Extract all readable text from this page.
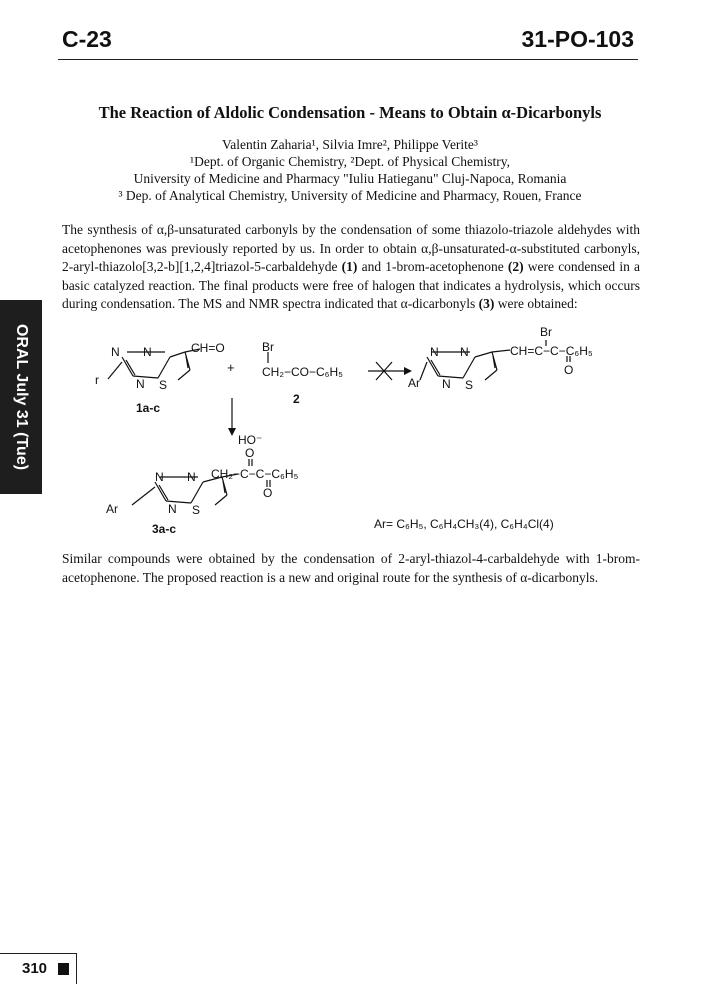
C-23	31-PO-103
The Reaction of Aldolic Condensation - Means to Obtain α-Dicarbonyls
Valentin Zaharia¹, Silvia Imre², Philippe Verite³
¹Dept. of Organic Chemistry, ²Dept. of Physical Chemistry,
University of Medicine and Pharmacy "Iuliu Hatieganu" Cluj-Napoca, Romania
³ Dep. of Analytical Chemistry, University of Medicine and Pharmacy, Rouen, France
The synthesis of α,β-unsaturated carbonyls by the condensation of some thiazolo-triazole aldehydes with acetophenones was previously reported by us. In order to obtain α,β-unsaturated-α-substituted carbonyls, 2-aryl-thiazolo[3,2-b][1,2,4]triazol-5-carbaldehyde (1) and 1-brom-acetophenone (2) were condensed in a basic catalyzed reaction. The final products were free of halogen that indicates a hydrolysis, which occurs during condensation. The MS and NMR spectra indicated that α-dicarbonyls (3) were obtained:
N N
N S
CH=O
r
1a-c
+
Br
CH₂−CO−C₆H₅
2
N N
N S
Ar
CH=C−C−C₆H₅
Br
O
HO⁻
N N
N S
Ar
CH₂−C−C−C₆H₅
O
O
3a-c	Ar= C₆H₅, C₆H₄CH₃(4), C₆H₄Cl(4)
Similar compounds were obtained by the condensation of 2-aryl-thiazol-4-carbaldehyde with 1-brom-acetophenone. The proposed reaction is a new and original route for the synthesis of α-dicarbonyls.
ORAL July 31 (Tue)
310
